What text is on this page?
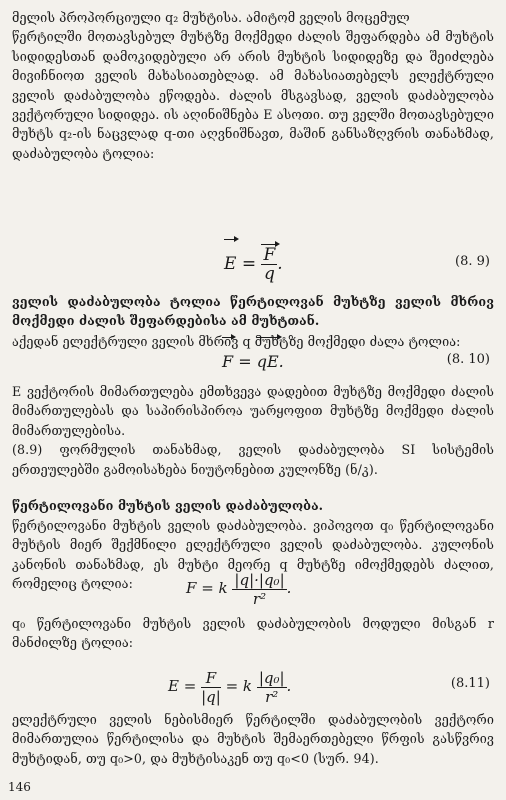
მელის პროპორციული q₂ მუხტისა. ამიტომ ველის მოცემულ
წერტილში მოთავსებულ მუხტზე მოქმედი ძალის შეფარდება ამ მუხტის სიდიდესთან დამოკიდებული არ არის მუხტის სიდიდეზე და შეიძლება მივიჩნიოთ ველის მახასიათებლად. ამ მახასიათებელს ელექტრული ველის დაძაბულობა ეწოდება. ძალის მსგავსად, ველის დაძაბულობა ვექტორული სიდიდეა. ის აღინიშნება E ასოთი. თუ ველში მოთავსებული მუხტს q₂-ის ნაცვლად q-თი აღვნიშნავთ, მაშინ განსაზღვრის თანახმად, დაძაბულობა ტოლია:
$E = \frac{F}{q}$ .	(8. 9)
ველის დაძაბულობა ტოლია წერტილოვან მუხტზე ველის მხრივ მოქმედი ძალის შეფარდებისა ამ მუხტთან.
აქედან ელექტრული ველის მხრივ q მუხტზე მოქმედი ძალა ტოლია:
F = qE.	(8. 10)
E ვექტორის მიმართულება ემთხვევა დადებით მუხტზე მოქმედი ძალის მიმართულებას და საპირისპიროა უარყოფით მუხტზე მოქმედი ძალის მიმართულებისა.
(8.9) ფორმულის თანახმად, ველის დაძაბულობა SI სისტემის ერთეულებში გამოისახება ნიუტონებით კულონზე (ნ/კ).

წერტილოვანი მუხტის ველის დაძაბულობა.
წერტილოვანი მუხტის ველის დაძაბულობა. ვიპოვოთ q₀ წერტილოვანი მუხტის მიერ შექმნილი ელექტრული ველის დაძაბულობა. კულონის კანონის თანახმად, ეს მუხტი მეორე q მუხტზე იმოქმედებს ძალით, რომელიც ტოლია:	F = k $\frac{\text{|q|·|q₀|}}{\text{r²}}$ .
q₀ წერტილოვანი მუხტის ველის დაძაბულობის მოდული მისგან r მანძილზე ტოლია:
$E = \frac{F}{|q|} = k \frac{\text{|q₀|}}{\text{r²}}$ .	(8.11)
ელექტრული ველის ნებისმიერ წერტილში დაძაბულობის ვექტორი მიმართულია წერტილისა და მუხტის შემაერთებელი წრფის გასწვრივ მუხტიდან, თუ q₀>0, და მუხტისაკენ თუ q₀<0 (სურ. 94).
146
